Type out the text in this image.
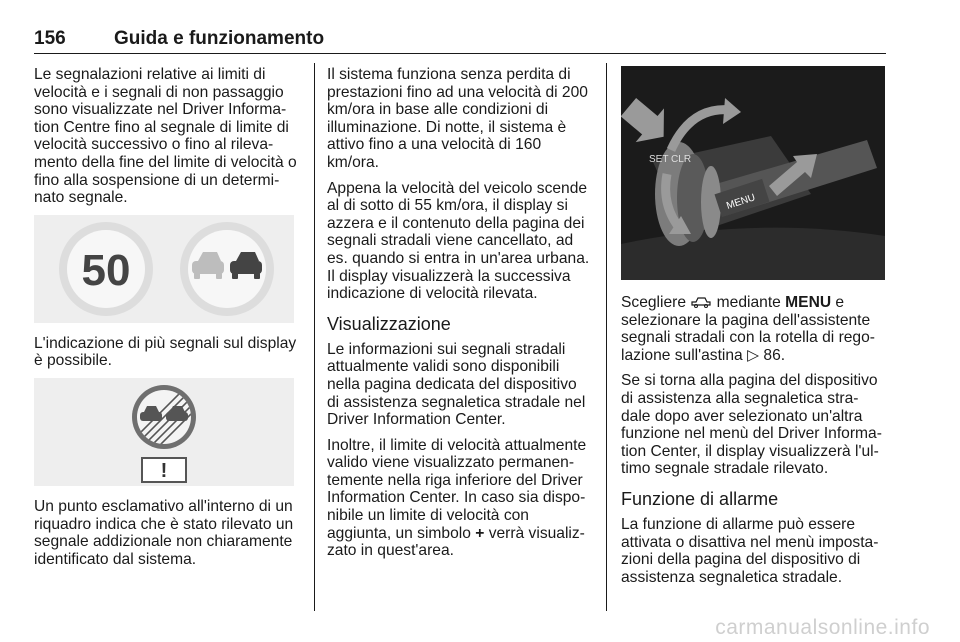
156	Guida e funzionamento

Le segnalazioni relative ai limiti di velocità e i segnali di non passaggio sono visualizzate nel Driver Informa-tion Centre fino al segnale di limite di velocità successivo o fino al rileva-mento della fine del limite di velocità o fino alla sospensione di un determi-nato segnale.

50

L'indicazione di più segnali sul display è possibile.

!

Un punto esclamativo all'interno di un riquadro indica che è stato rilevato un segnale addizionale non chiaramente identificato dal sistema.

Il sistema funziona senza perdita di prestazioni fino ad una velocità di 200 km/ora in base alle condizioni di illuminazione. Di notte, il sistema è attivo fino a una velocità di 160 km/ora.

Appena la velocità del veicolo scende al di sotto di 55 km/ora, il display si azzera e il contenuto della pagina dei segnali stradali viene cancellato, ad es. quando si entra in un'area urbana. Il display visualizzerà la successiva indicazione di velocità rilevata.

Visualizzazione

Le informazioni sui segnali stradali attualmente validi sono disponibili nella pagina dedicata del dispositivo di assistenza segnaletica stradale nel Driver Information Center.

Inoltre, il limite di velocità attualmente valido viene visualizzato permanen-temente nella riga inferiore del Driver Information Center. In caso sia dispo-nibile un limite di velocità con aggiunta, un simbolo + verrà visualiz-zato in quest'area.

SET CLR
MENU

Scegliere  mediante MENU e selezionare la pagina dell'assistente segnali stradali con la rotella di rego-lazione sull'astina ▷ 86.

Se si torna alla pagina del dispositivo di assistenza alla segnaletica stra-dale dopo aver selezionato un'altra funzione nel menù del Driver Informa-tion Center, il display visualizzerà l'ul-timo segnale stradale rilevato.

Funzione di allarme

La funzione di allarme può essere attivata o disattiva nel menù imposta-zioni della pagina del dispositivo di assistenza segnaletica stradale.

carmanualsonline.info
